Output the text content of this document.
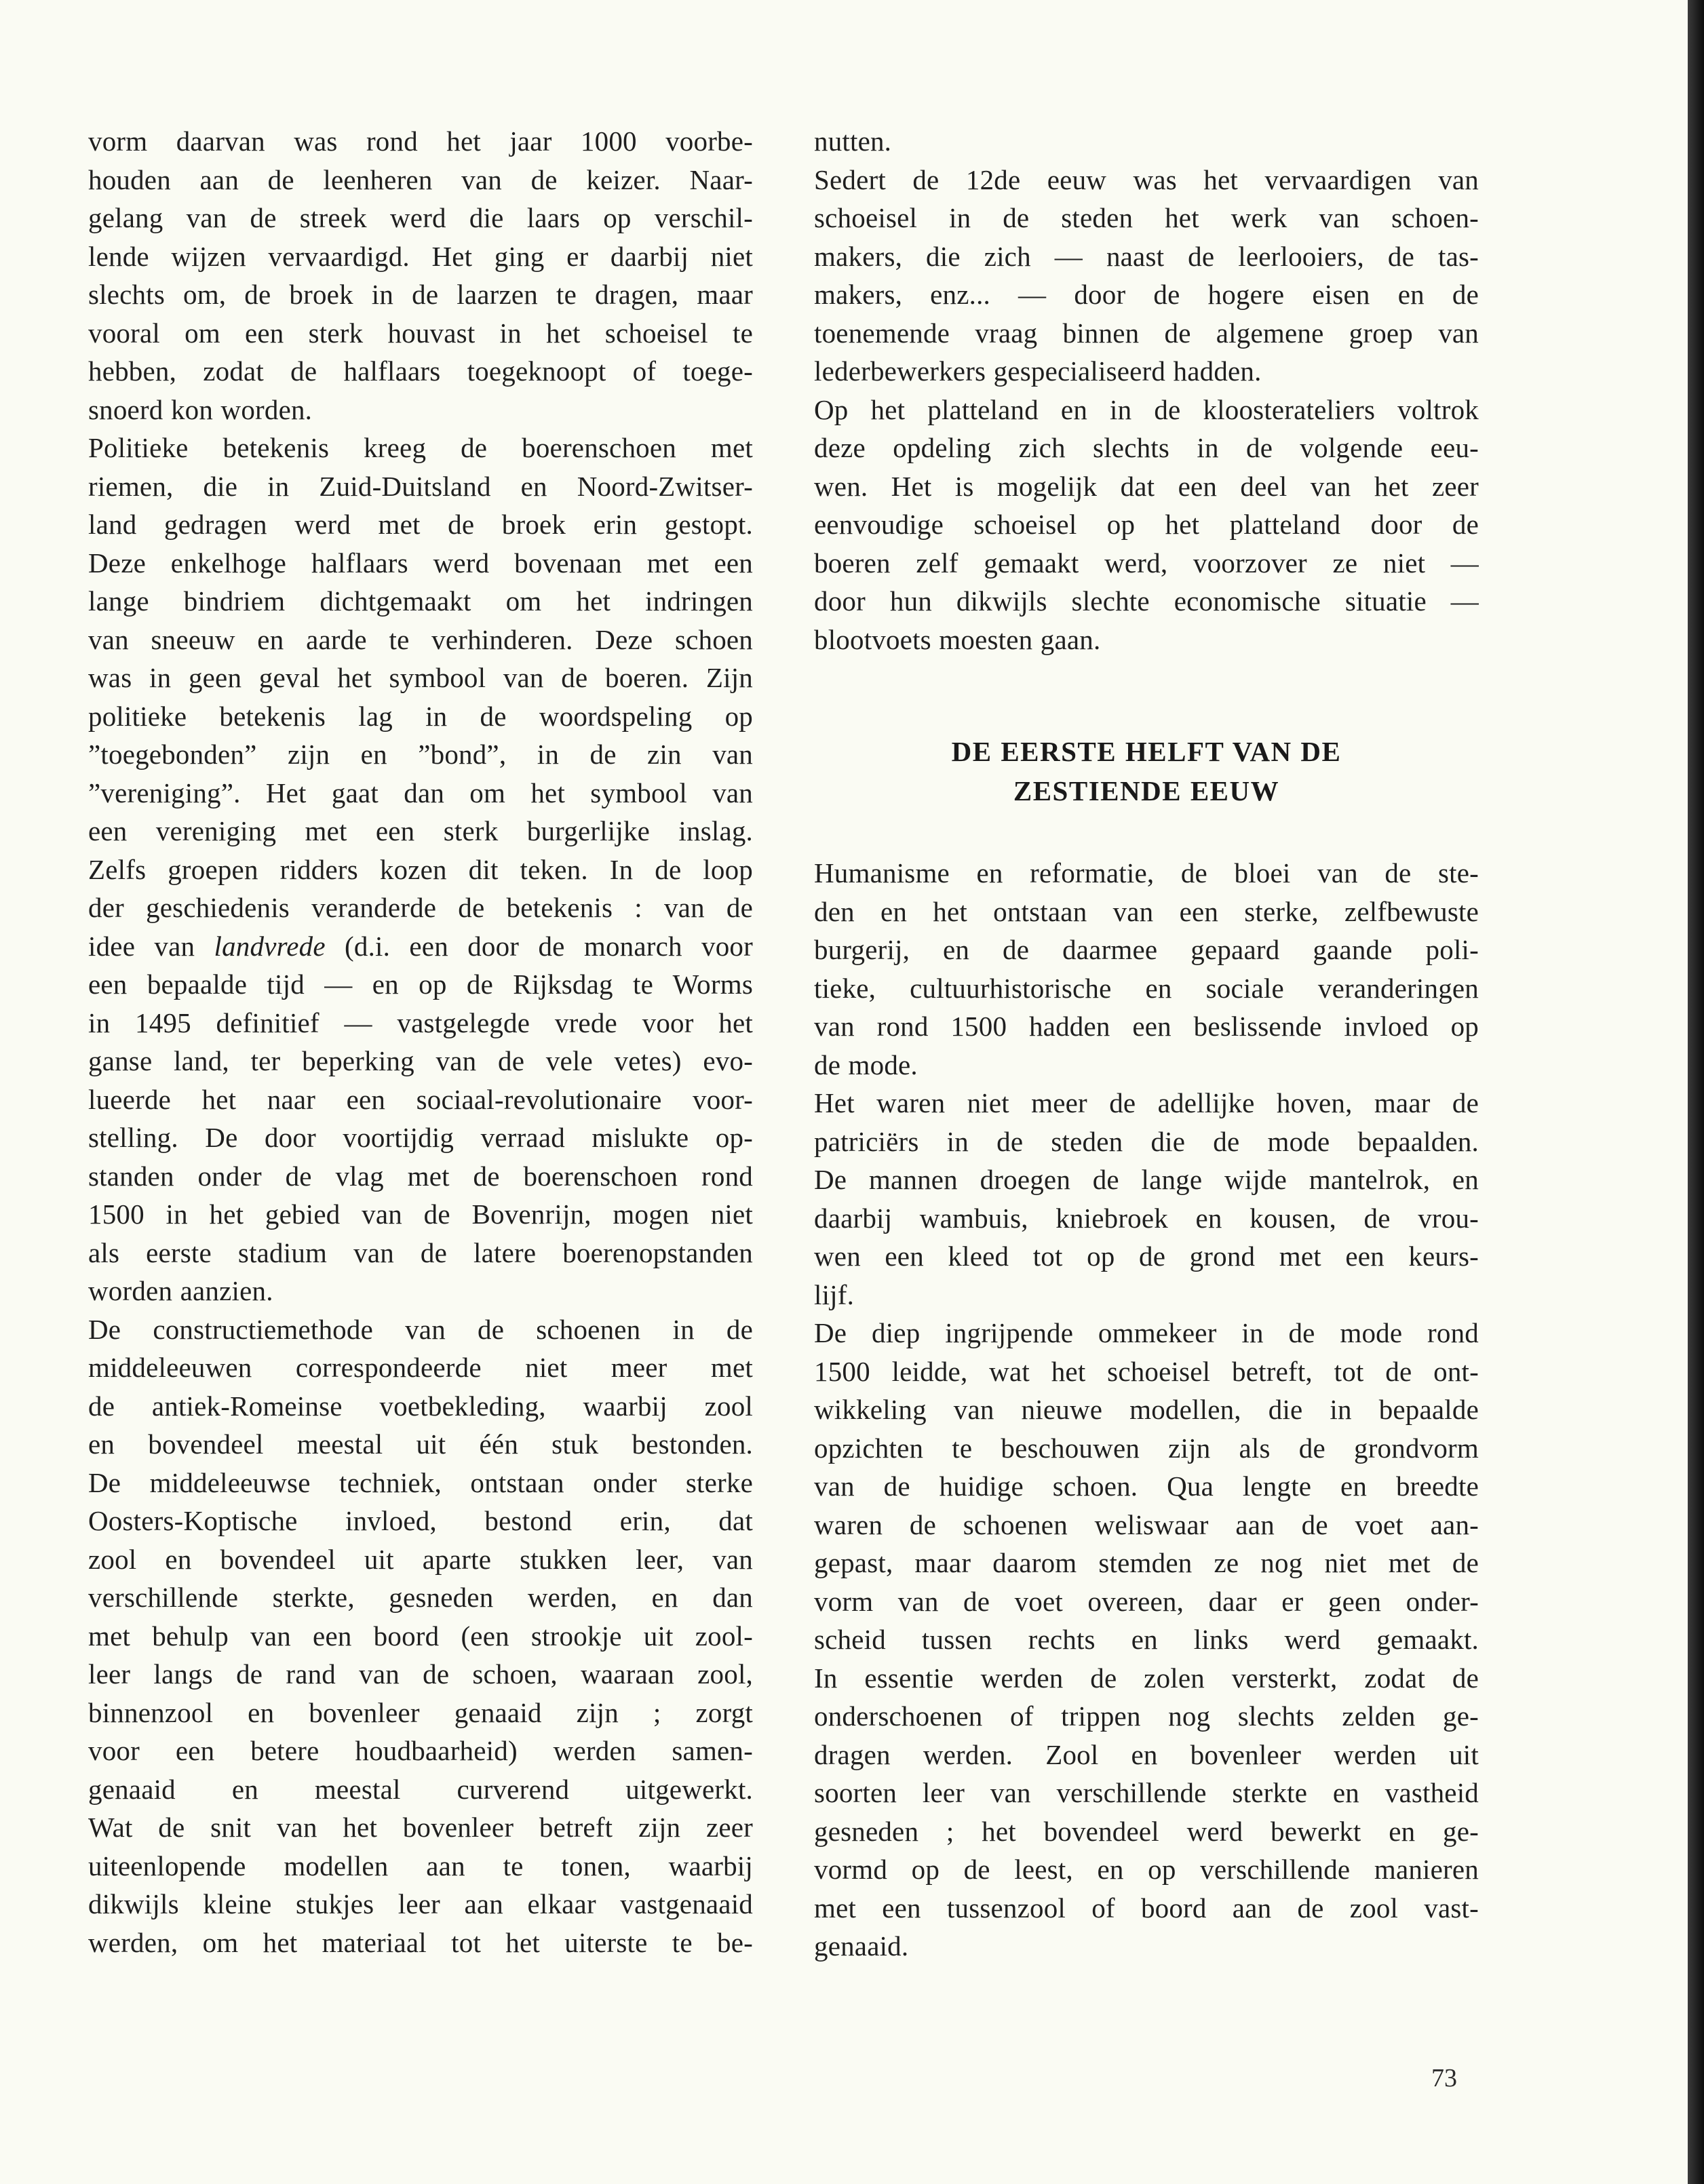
vorm daarvan was rond het jaar 1000 voorbe-
houden aan de leenheren van de keizer. Naar-
gelang van de streek werd die laars op verschil-
lende wijzen vervaardigd. Het ging er daarbij niet
slechts om, de broek in de laarzen te dragen, maar
vooral om een sterk houvast in het schoeisel te
hebben, zodat de halflaars toegeknoopt of toege-
snoerd kon worden.
Politieke betekenis kreeg de boerenschoen met
riemen, die in Zuid-Duitsland en Noord-Zwitser-
land gedragen werd met de broek erin gestopt.
Deze enkelhoge halflaars werd bovenaan met een
lange bindriem dichtgemaakt om het indringen
van sneeuw en aarde te verhinderen. Deze schoen
was in geen geval het symbool van de boeren. Zijn
politieke betekenis lag in de woordspeling op
”toegebonden” zijn en ”bond”, in de zin van
”vereniging”. Het gaat dan om het symbool van
een vereniging met een sterk burgerlijke inslag.
Zelfs groepen ridders kozen dit teken. In de loop
der geschiedenis veranderde de betekenis : van de
idee van landvrede (d.i. een door de monarch voor
een bepaalde tijd — en op de Rijksdag te Worms
in 1495 definitief — vastgelegde vrede voor het
ganse land, ter beperking van de vele vetes) evo-
lueerde het naar een sociaal-revolutionaire voor-
stelling. De door voortijdig verraad mislukte op-
standen onder de vlag met de boerenschoen rond
1500 in het gebied van de Bovenrijn, mogen niet
als eerste stadium van de latere boerenopstanden
worden aanzien.
De constructiemethode van de schoenen in de
middeleeuwen correspondeerde niet meer met
de antiek-Romeinse voetbekleding, waarbij zool
en bovendeel meestal uit één stuk bestonden.
De middeleeuwse techniek, ontstaan onder sterke
Oosters-Koptische invloed, bestond erin, dat
zool en bovendeel uit aparte stukken leer, van
verschillende sterkte, gesneden werden, en dan
met behulp van een boord (een strookje uit zool-
leer langs de rand van de schoen, waaraan zool,
binnenzool en bovenleer genaaid zijn ; zorgt
voor een betere houdbaarheid) werden samen-
genaaid en meestal curverend uitgewerkt.
Wat de snit van het bovenleer betreft zijn zeer
uiteenlopende modellen aan te tonen, waarbij
dikwijls kleine stukjes leer aan elkaar vastgenaaid
werden, om het materiaal tot het uiterste te be-
nutten.
Sedert de 12de eeuw was het vervaardigen van
schoeisel in de steden het werk van schoen-
makers, die zich — naast de leerlooiers, de tas-
makers, enz... — door de hogere eisen en de
toenemende vraag binnen de algemene groep van
lederbewerkers gespecialiseerd hadden.
Op het platteland en in de kloosterateliers voltrok
deze opdeling zich slechts in de volgende eeu-
wen. Het is mogelijk dat een deel van het zeer
eenvoudige schoeisel op het platteland door de
boeren zelf gemaakt werd, voorzover ze niet —
door hun dikwijls slechte economische situatie —
blootvoets moesten gaan.
DE EERSTE HELFT VAN DE
ZESTIENDE EEUW
Humanisme en reformatie, de bloei van de ste-
den en het ontstaan van een sterke, zelfbewuste
burgerij, en de daarmee gepaard gaande poli-
tieke, cultuurhistorische en sociale veranderingen
van rond 1500 hadden een beslissende invloed op
de mode.
Het waren niet meer de adellijke hoven, maar de
patriciërs in de steden die de mode bepaalden.
De mannen droegen de lange wijde mantelrok, en
daarbij wambuis, kniebroek en kousen, de vrou-
wen een kleed tot op de grond met een keurs-
lijf.
De diep ingrijpende ommekeer in de mode rond
1500 leidde, wat het schoeisel betreft, tot de ont-
wikkeling van nieuwe modellen, die in bepaalde
opzichten te beschouwen zijn als de grondvorm
van de huidige schoen. Qua lengte en breedte
waren de schoenen weliswaar aan de voet aan-
gepast, maar daarom stemden ze nog niet met de
vorm van de voet overeen, daar er geen onder-
scheid tussen rechts en links werd gemaakt.
In essentie werden de zolen versterkt, zodat de
onderschoenen of trippen nog slechts zelden ge-
dragen werden. Zool en bovenleer werden uit
soorten leer van verschillende sterkte en vastheid
gesneden ; het bovendeel werd bewerkt en ge-
vormd op de leest, en op verschillende manieren
met een tussenzool of boord aan de zool vast-
genaaid.
73
